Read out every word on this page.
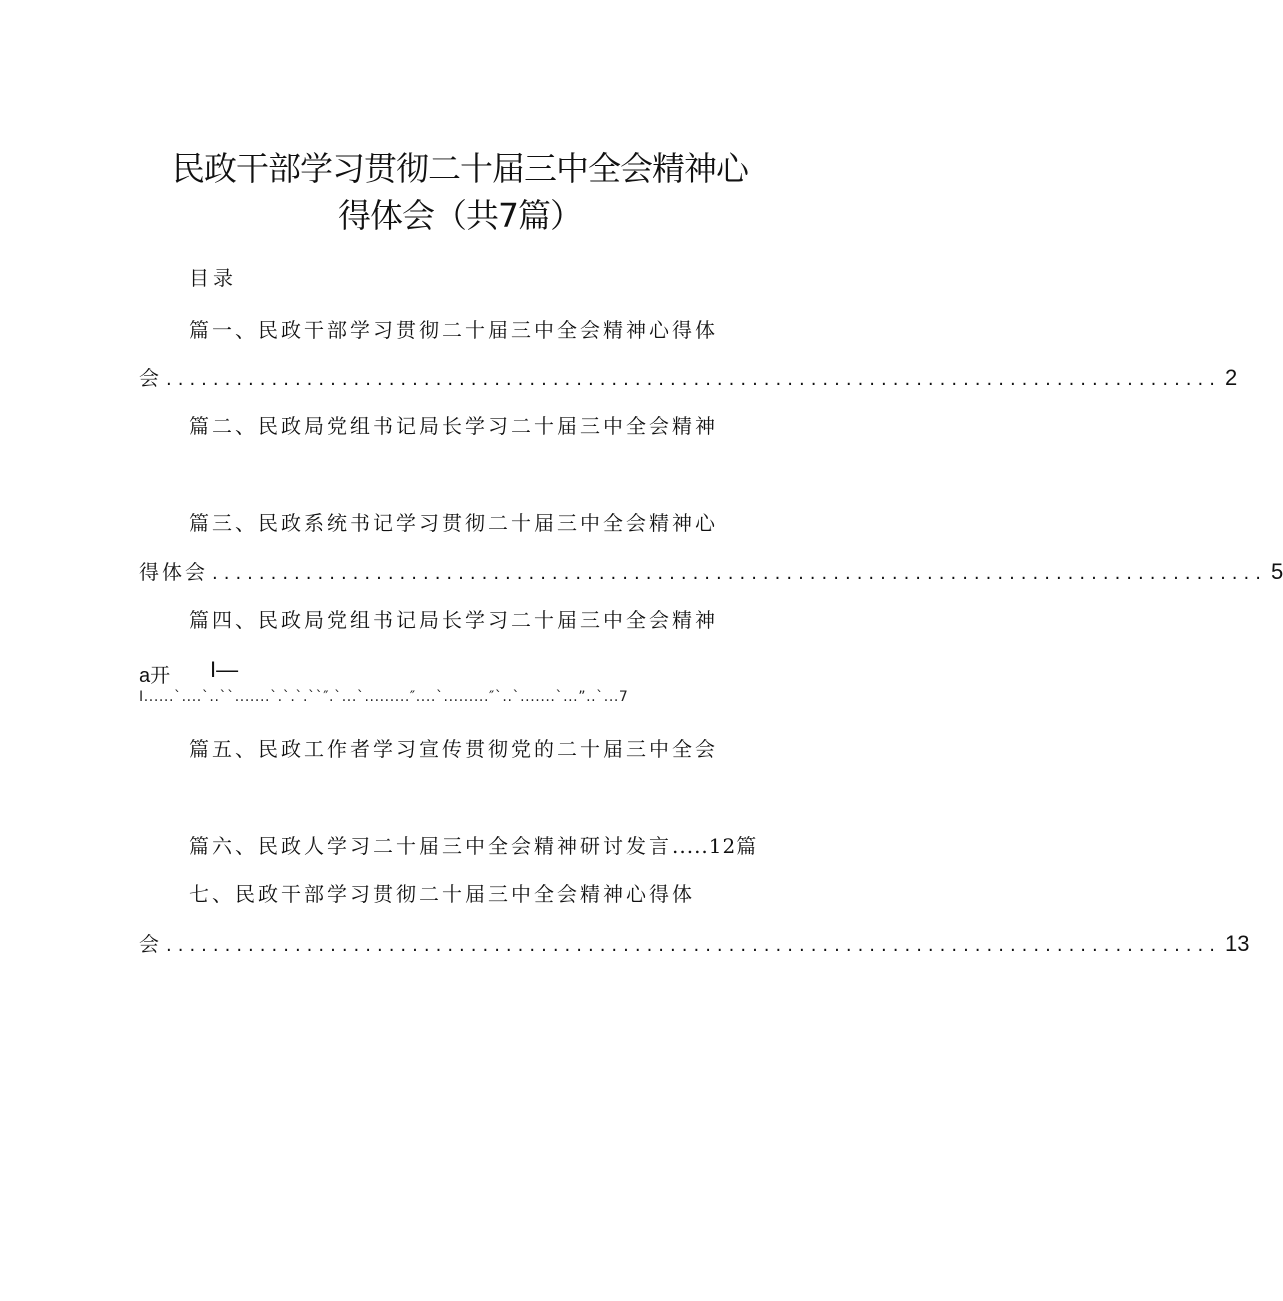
民政干部学习贯彻二十届三中全会精神心
得体会（共7篇）
目录
篇一、民政干部学习贯彻二十届三中全会精神心得体
会 .......................................................................................... 2
篇二、民政局党组书记局长学习二十届三中全会精神
篇三、民政系统书记学习贯彻二十届三中全会精神心
得体会 .......................................................................................... 5
篇四、民政局党组书记局长学习二十届三中全会精神
a开 I—
I......`....`..``.......`.`.`.``″.`...`.........″....`.........″`..`.......`...”..`...7
篇五、民政工作者学习宣传贯彻党的二十届三中全会
篇六、民政人学习二十届三中全会精神研讨发言.....12篇
七、民政干部学习贯彻二十届三中全会精神心得体
会 .......................................................................................... 13
